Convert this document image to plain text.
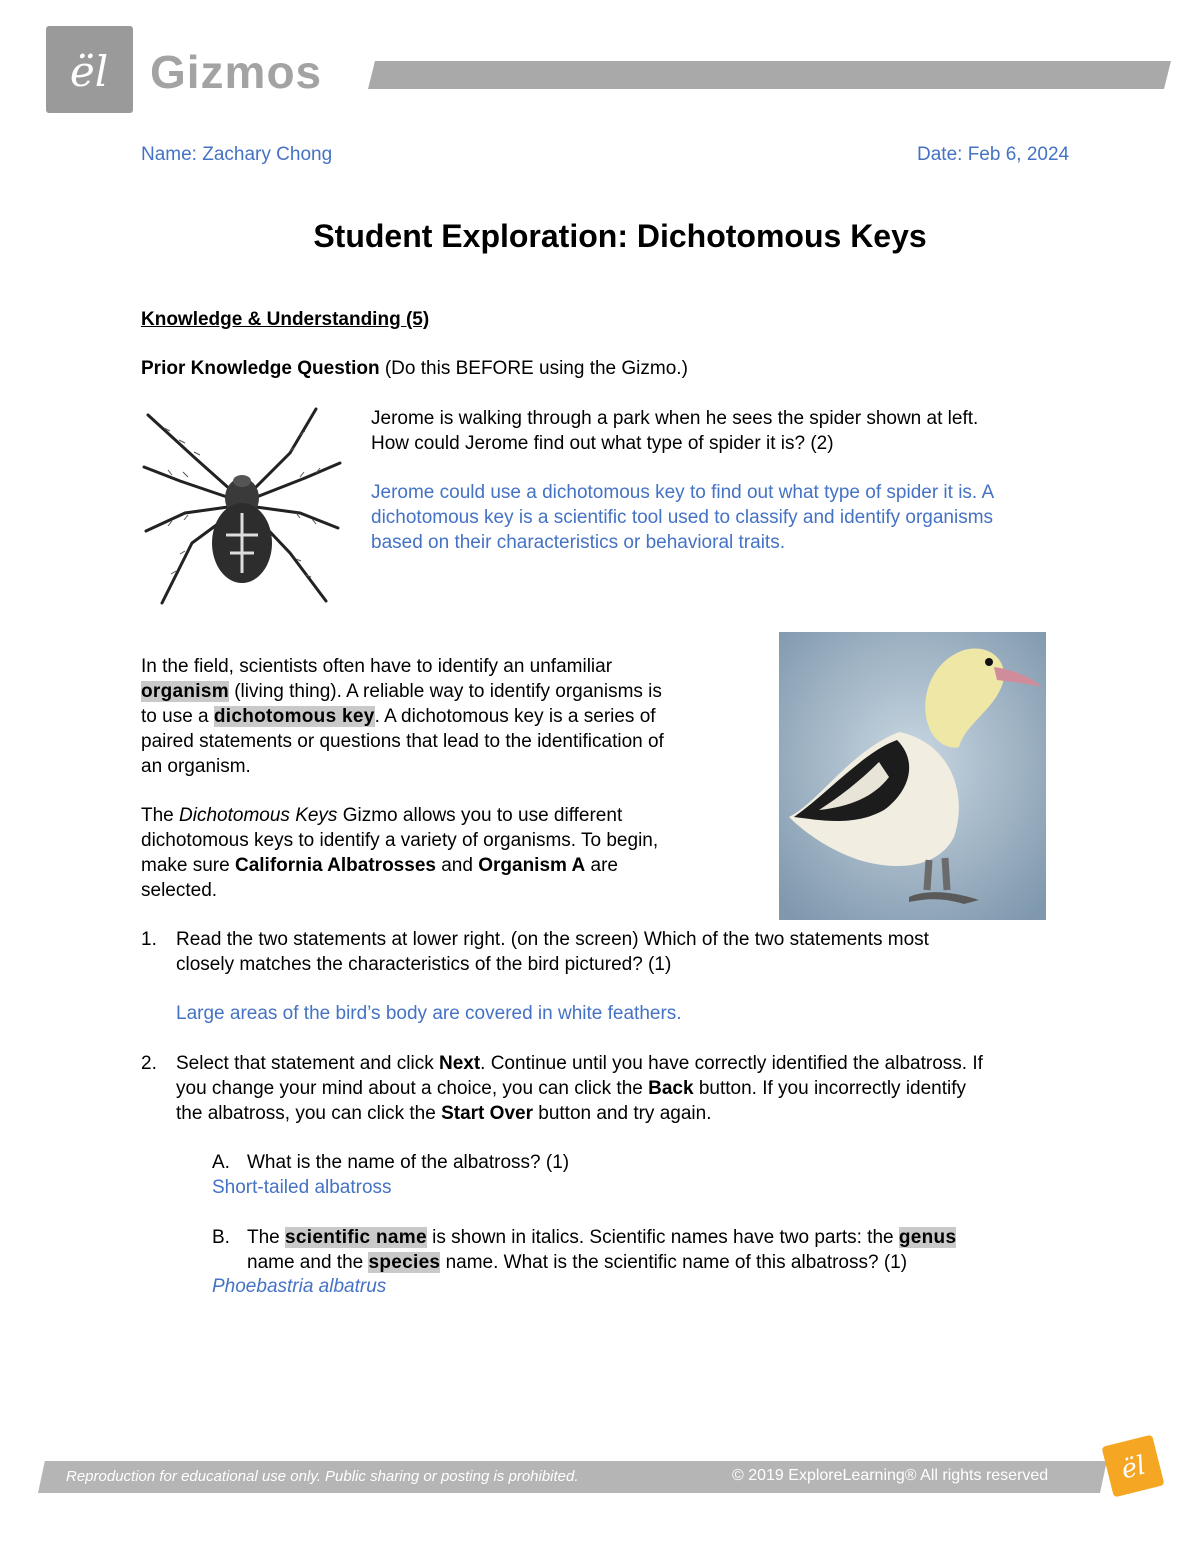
ël Gizmos
Name: Zachary Chong	Date: Feb 6, 2024
Student Exploration: Dichotomous Keys
Knowledge & Understanding (5)
Prior Knowledge Question (Do this BEFORE using the Gizmo.)
Jerome is walking through a park when he sees the spider shown at left.
How could Jerome find out what type of spider it is? (2)
Jerome could use a dichotomous key to find out what type of spider it is. A
dichotomous key is a scientific tool used to classify and identify organisms
based on their characteristics or behavioral traits.
In the field, scientists often have to identify an unfamiliar
organism (living thing). A reliable way to identify organisms is
to use a dichotomous key. A dichotomous key is a series of
paired statements or questions that lead to the identification of
an organism.
The Dichotomous Keys Gizmo allows you to use different
dichotomous keys to identify a variety of organisms. To begin,
make sure California Albatrosses and Organism A are
selected.
1.	Read the two statements at lower right. (on the screen) Which of the two statements most
closely matches the characteristics of the bird pictured? (1)
Large areas of the bird’s body are covered in white feathers.
2.	Select that statement and click Next. Continue until you have correctly identified the albatross. If
you change your mind about a choice, you can click the Back button. If you incorrectly identify
the albatross, you can click the Start Over button and try again.
A. What is the name of the albatross? (1)
Short-tailed albatross
B. The scientific name is shown in italics. Scientific names have two parts: the genus
name and the species name. What is the scientific name of this albatross? (1)
Phoebastria albatrus
Reproduction for educational use only. Public sharing or posting is prohibited.	© 2019 ExploreLearning® All rights reserved	ël
